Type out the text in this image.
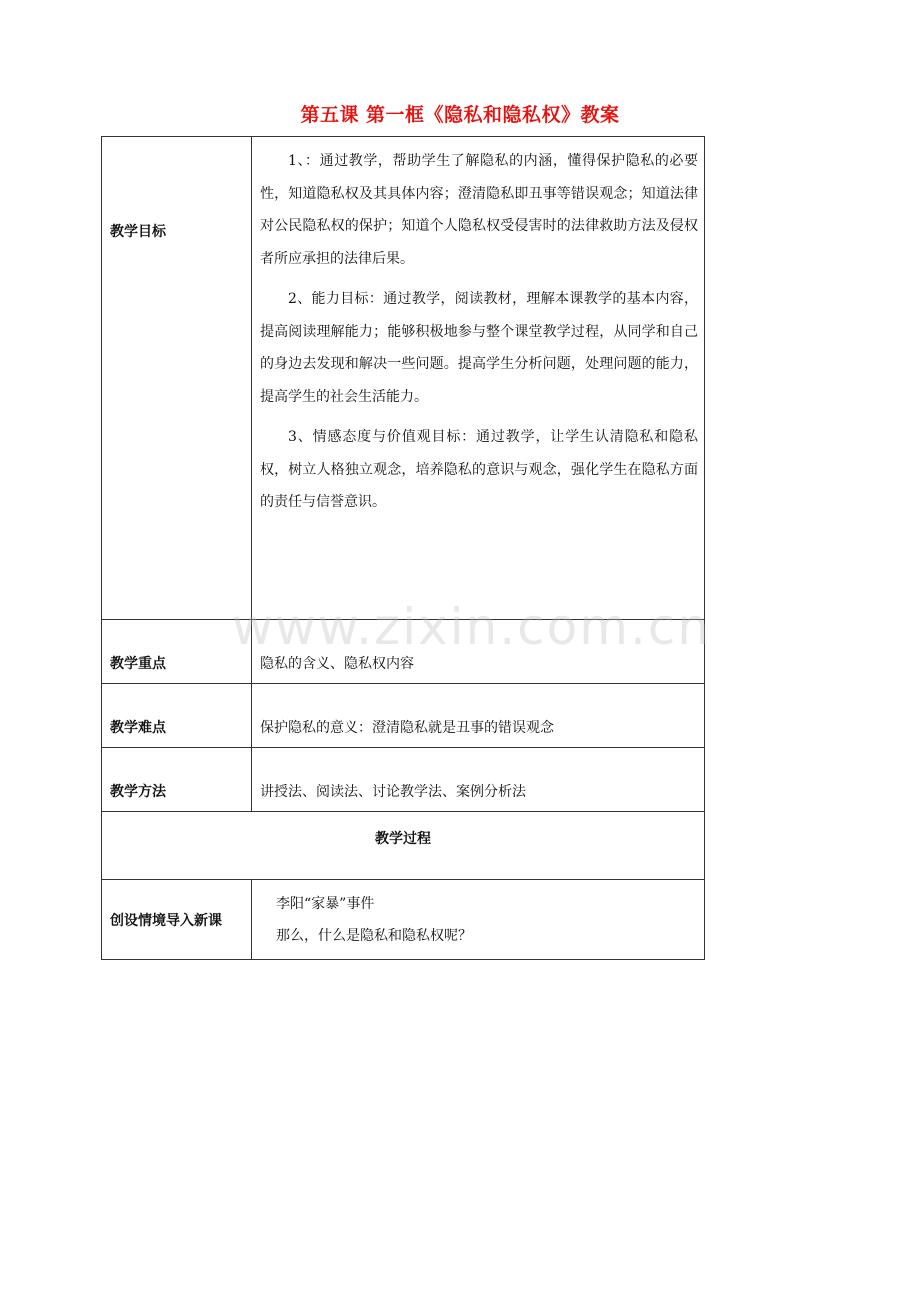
第五课 第一框《隐私和隐私权》教案
教学目标	1、：通过教学，帮助学生了解隐私的内涵，懂得保护隐私的必要性，知道隐私权及其具体内容；澄清隐私即丑事等错误观念；知道法律对公民隐私权的保护；知道个人隐私权受侵害时的法律救助方法及侵权者所应承担的法律后果。

2、能力目标：通过教学，阅读教材，理解本课教学的基本内容，提高阅读理解能力；能够积极地参与整个课堂教学过程，从同学和自己的身边去发现和解决一些问题。提高学生分析问题，处理问题的能力，提高学生的社会生活能力。

3、情感态度与价值观目标：通过教学，让学生认清隐私和隐私权，树立人格独立观念，培养隐私的意识与观念，强化学生在隐私方面的责任与信誉意识。

教学重点	隐私的含义、隐私权内容
教学难点	保护隐私的意义：澄清隐私就是丑事的错误观念
教学方法	讲授法、阅读法、讨论教学法、案例分析法
教学过程	
创设情境导入新课	李阳“家暴”事件

那么，什么是隐私和隐私权呢？

www.zixin.com.cn
